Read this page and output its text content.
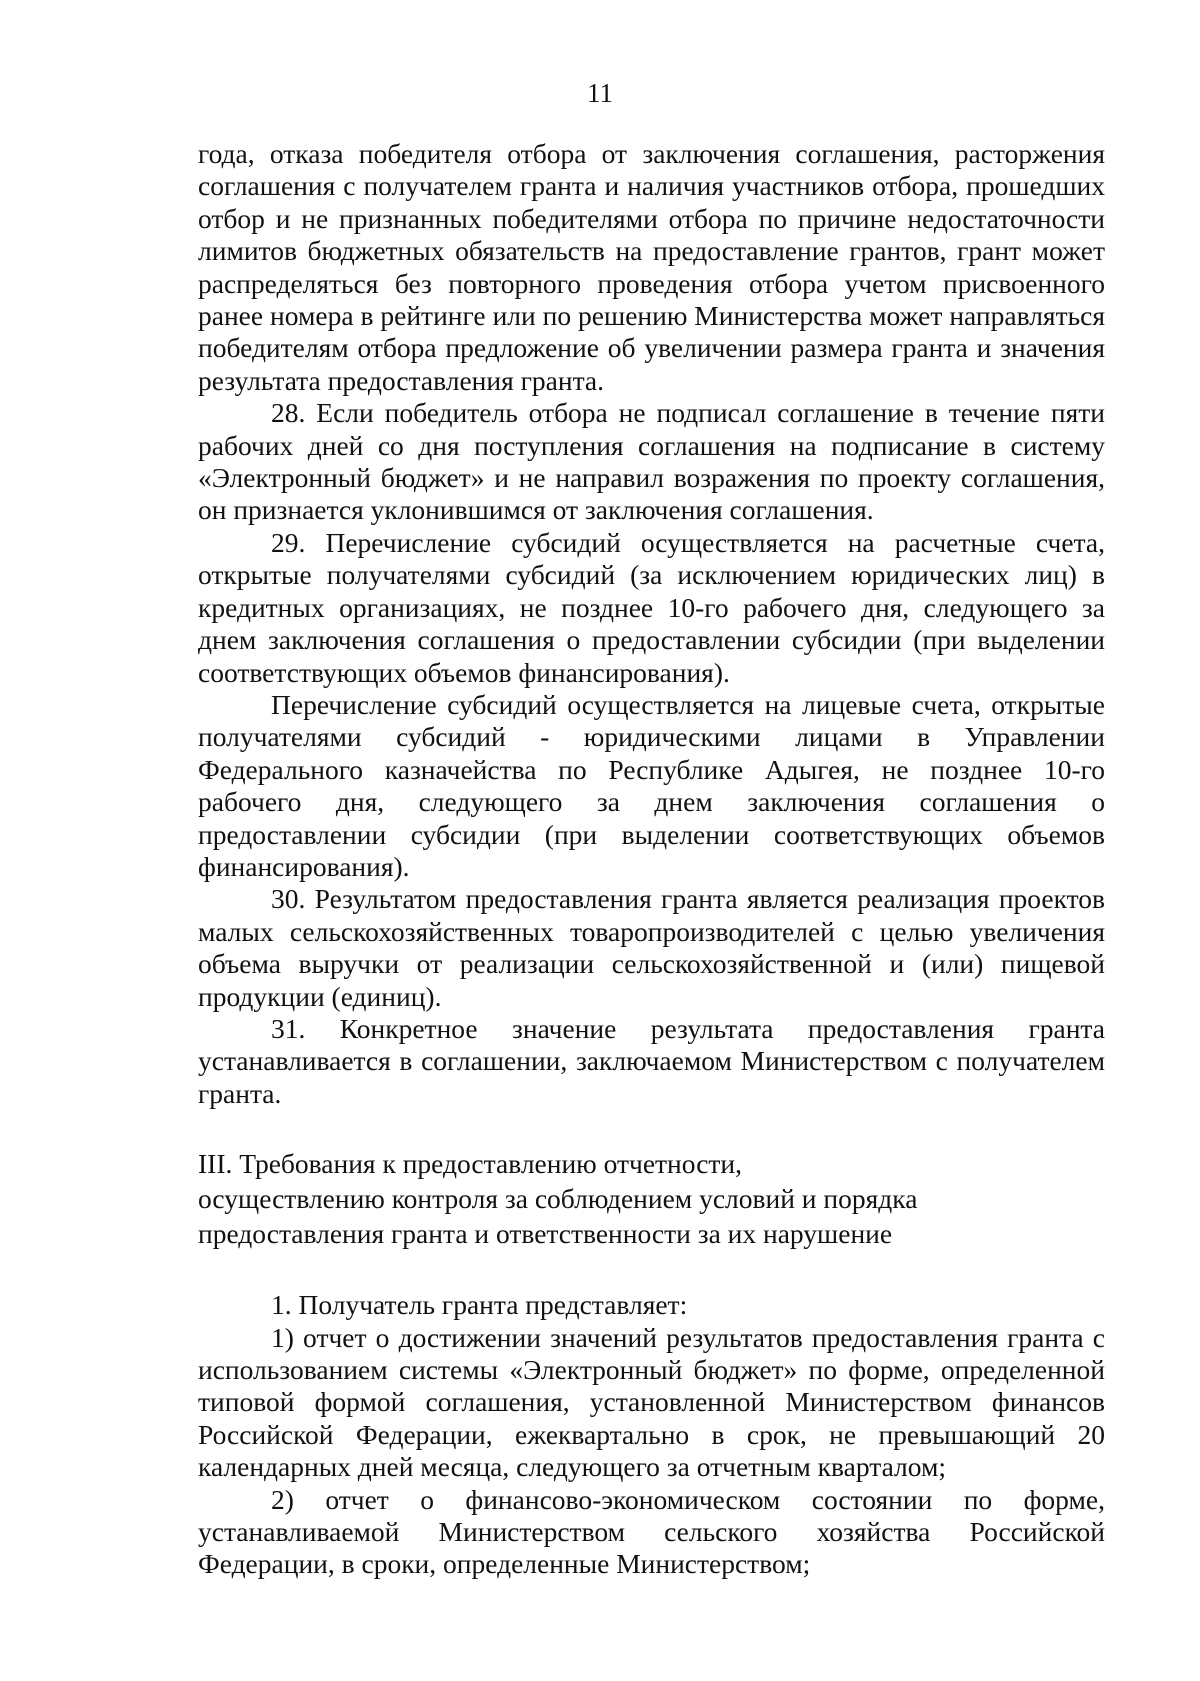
11

года, отказа победителя отбора от заключения соглашения, расторжения соглашения с получателем гранта и наличия участников отбора, прошедших отбор и не признанных победителями отбора по причине недостаточности лимитов бюджетных обязательств на предоставление грантов, грант может распределяться без повторного проведения отбора учетом присвоенного ранее номера в рейтинге или по решению Министерства может направляться победителям отбора предложение об увеличении размера гранта и значения результата предоставления гранта.

28. Если победитель отбора не подписал соглашение в течение пяти рабочих дней со дня поступления соглашения на подписание в систему «Электронный бюджет» и не направил возражения по проекту соглашения, он признается уклонившимся от заключения соглашения.

29. Перечисление субсидий осуществляется на расчетные счета, открытые получателями субсидий (за исключением юридических лиц) в кредитных организациях, не позднее 10-го рабочего дня, следующего за днем заключения соглашения о предоставлении субсидии (при выделении соответствующих объемов финансирования).

Перечисление субсидий осуществляется на лицевые счета, открытые получателями субсидий - юридическими лицами в Управлении Федерального казначейства по Республике Адыгея, не позднее 10-го рабочего дня, следующего за днем заключения соглашения о предоставлении субсидии (при выделении соответствующих объемов финансирования).

30. Результатом предоставления гранта является реализация проектов малых сельскохозяйственных товаропроизводителей с целью увеличения объема выручки от реализации сельскохозяйственной и (или) пищевой продукции (единиц).

31. Конкретное значение результата предоставления гранта устанавливается в соглашении, заключаемом Министерством с получателем гранта.

III. Требования к предоставлению отчетности,
осуществлению контроля за соблюдением условий и порядка
предоставления гранта и ответственности за их нарушение

1. Получатель гранта представляет:

1) отчет о достижении значений результатов предоставления гранта с использованием системы «Электронный бюджет» по форме, определенной типовой формой соглашения, установленной Министерством финансов Российской Федерации, ежеквартально в срок, не превышающий 20 календарных дней месяца, следующего за отчетным кварталом;

2) отчет о финансово-экономическом состоянии по форме, устанавливаемой Министерством сельского хозяйства Российской Федерации, в сроки, определенные Министерством;
